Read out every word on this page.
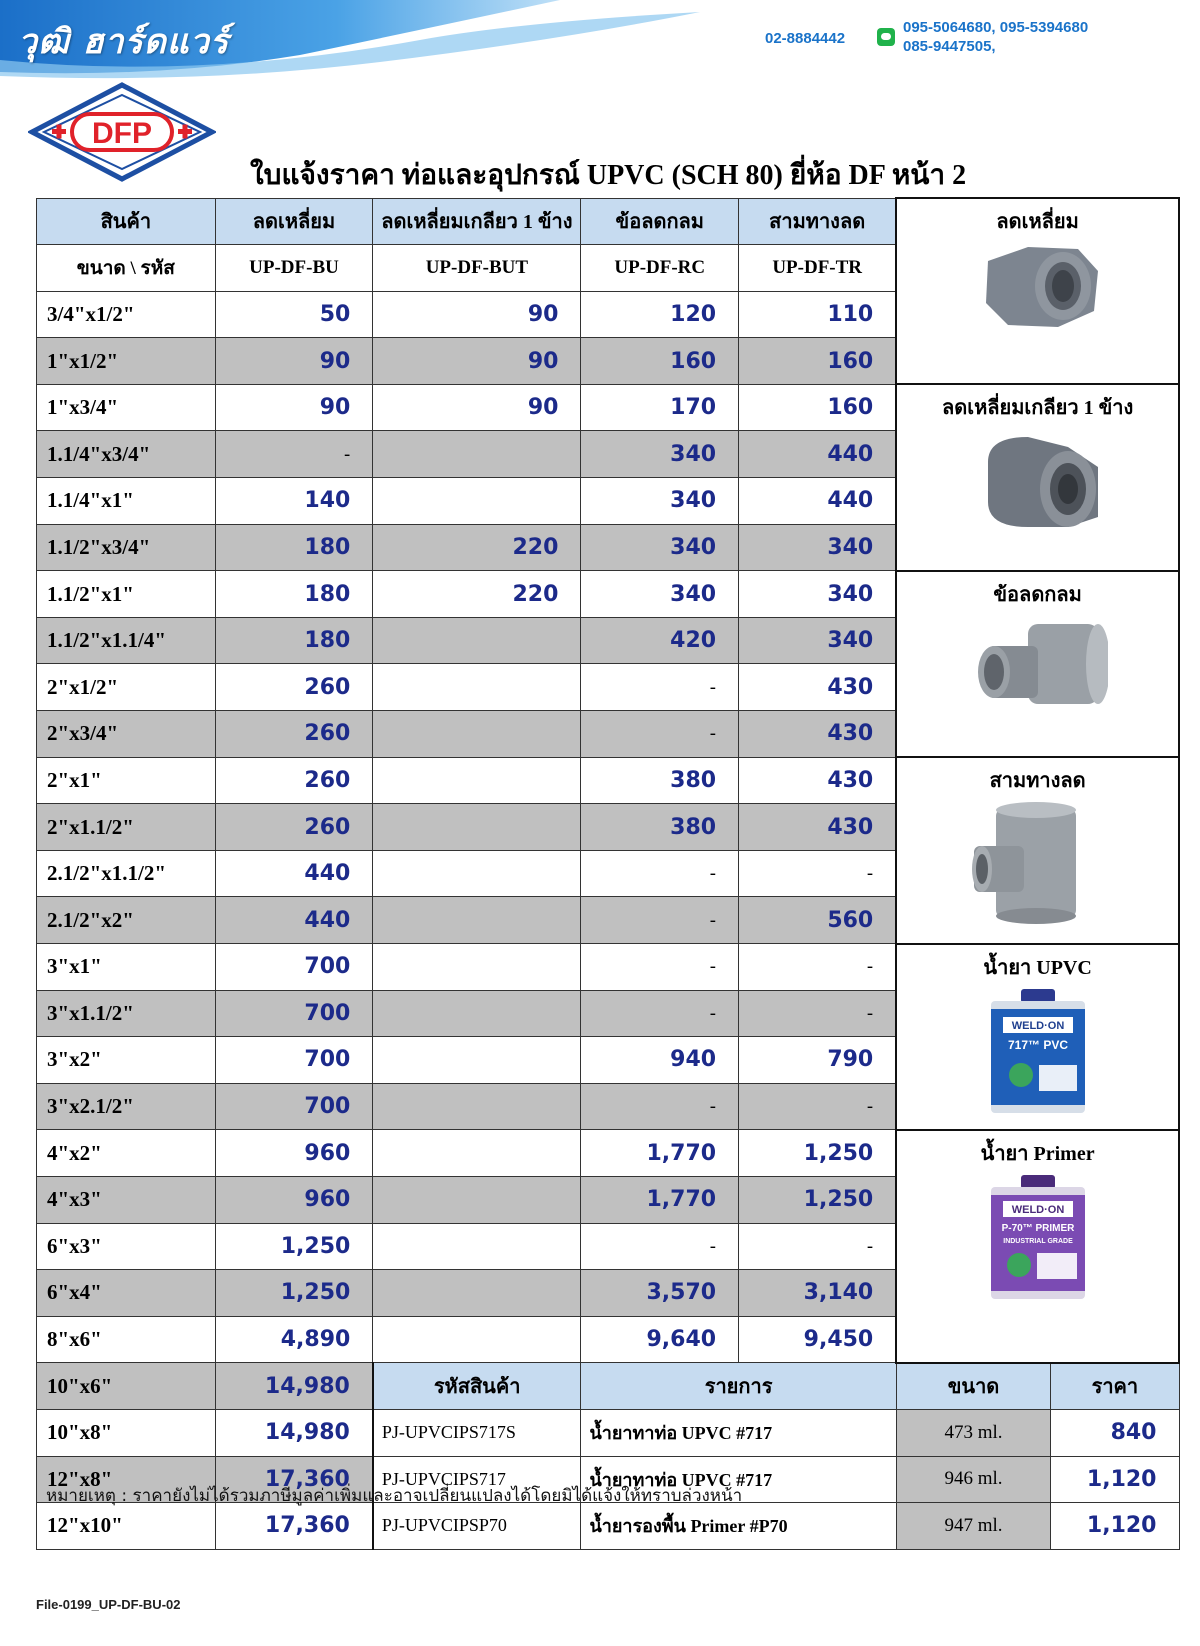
วุฒิ ฮาร์ดแวร์	02-8884442
095-5064680, 095-5394680
085-9447505,
DFP
ใบแจ้งราคา ท่อและอุปกรณ์ UPVC (SCH 80) ยี่ห้อ DF หน้า 2
สินค้า	ลดเหลี่ยม	ลดเหลี่ยมเกลียว 1 ข้าง	ข้อลดกลม	สามทางลด	ลดเหลี่ยม	

ขนาด \ รหัส	UP-DF-BU	UP-DF-BUT	UP-DF-RC	UP-DF-TR		
3/4"x1/2"	50	90	120	110		
1"x1/2"	90	90	160	160		
1"x3/4"	90	90	170	160	ลดเหลี่ยมเกลียว 1 ข้าง	

1.1/4"x3/4"	-		340	440		
1.1/4"x1"	140		340	440		
1.1/2"x3/4"	180	220	340	340		
1.1/2"x1"	180	220	340	340	ข้อลดกลม	

1.1/2"x1.1/4"	180		420	340		
2"x1/2"	260		-	430		
2"x3/4"	260		-	430		
2"x1"	260		380	430	สามทางลด	

2"x1.1/2"	260		380	430		
2.1/2"x1.1/2"	440		-	-		
2.1/2"x2"	440		-	560		
3"x1"	700		-	-	น้ำยา UPVC
WELD·ON
717™ PVC	

3"x1.1/2"	700		-	-		
3"x2"	700		940	790		
3"x2.1/2"	700		-	-		
4"x2"	960		1,770	1,250	น้ำยา Primer
WELD·ON
P-70™ PRIMER
INDUSTRIAL GRADE	

4"x3"	960		1,770	1,250		
6"x3"	1,250		-	-		
6"x4"	1,250		3,570	3,140		
8"x6"	4,890		9,640	9,450		
10"x6"	14,980	รหัสสินค้า	รายการ		ขนาด	ราคา
10"x8"	14,980	PJ-UPVCIPS717S	น้ำยาทาท่อ UPVC #717		473 ml.	840
12"x8"	17,360	PJ-UPVCIPS717	น้ำยาทาท่อ UPVC #717		946 ml.	1,120
12"x10"	17,360	PJ-UPVCIPSP70	น้ำยารองพื้น Primer #P70		947 ml.	1,120
หมายเหตุ : ราคายังไม่ได้รวมภาษีมูลค่าเพิ่มและอาจเปลี่ยนแปลงได้โดยมิได้แจ้งให้ทราบล่วงหน้า
File-0199_UP-DF-BU-02
